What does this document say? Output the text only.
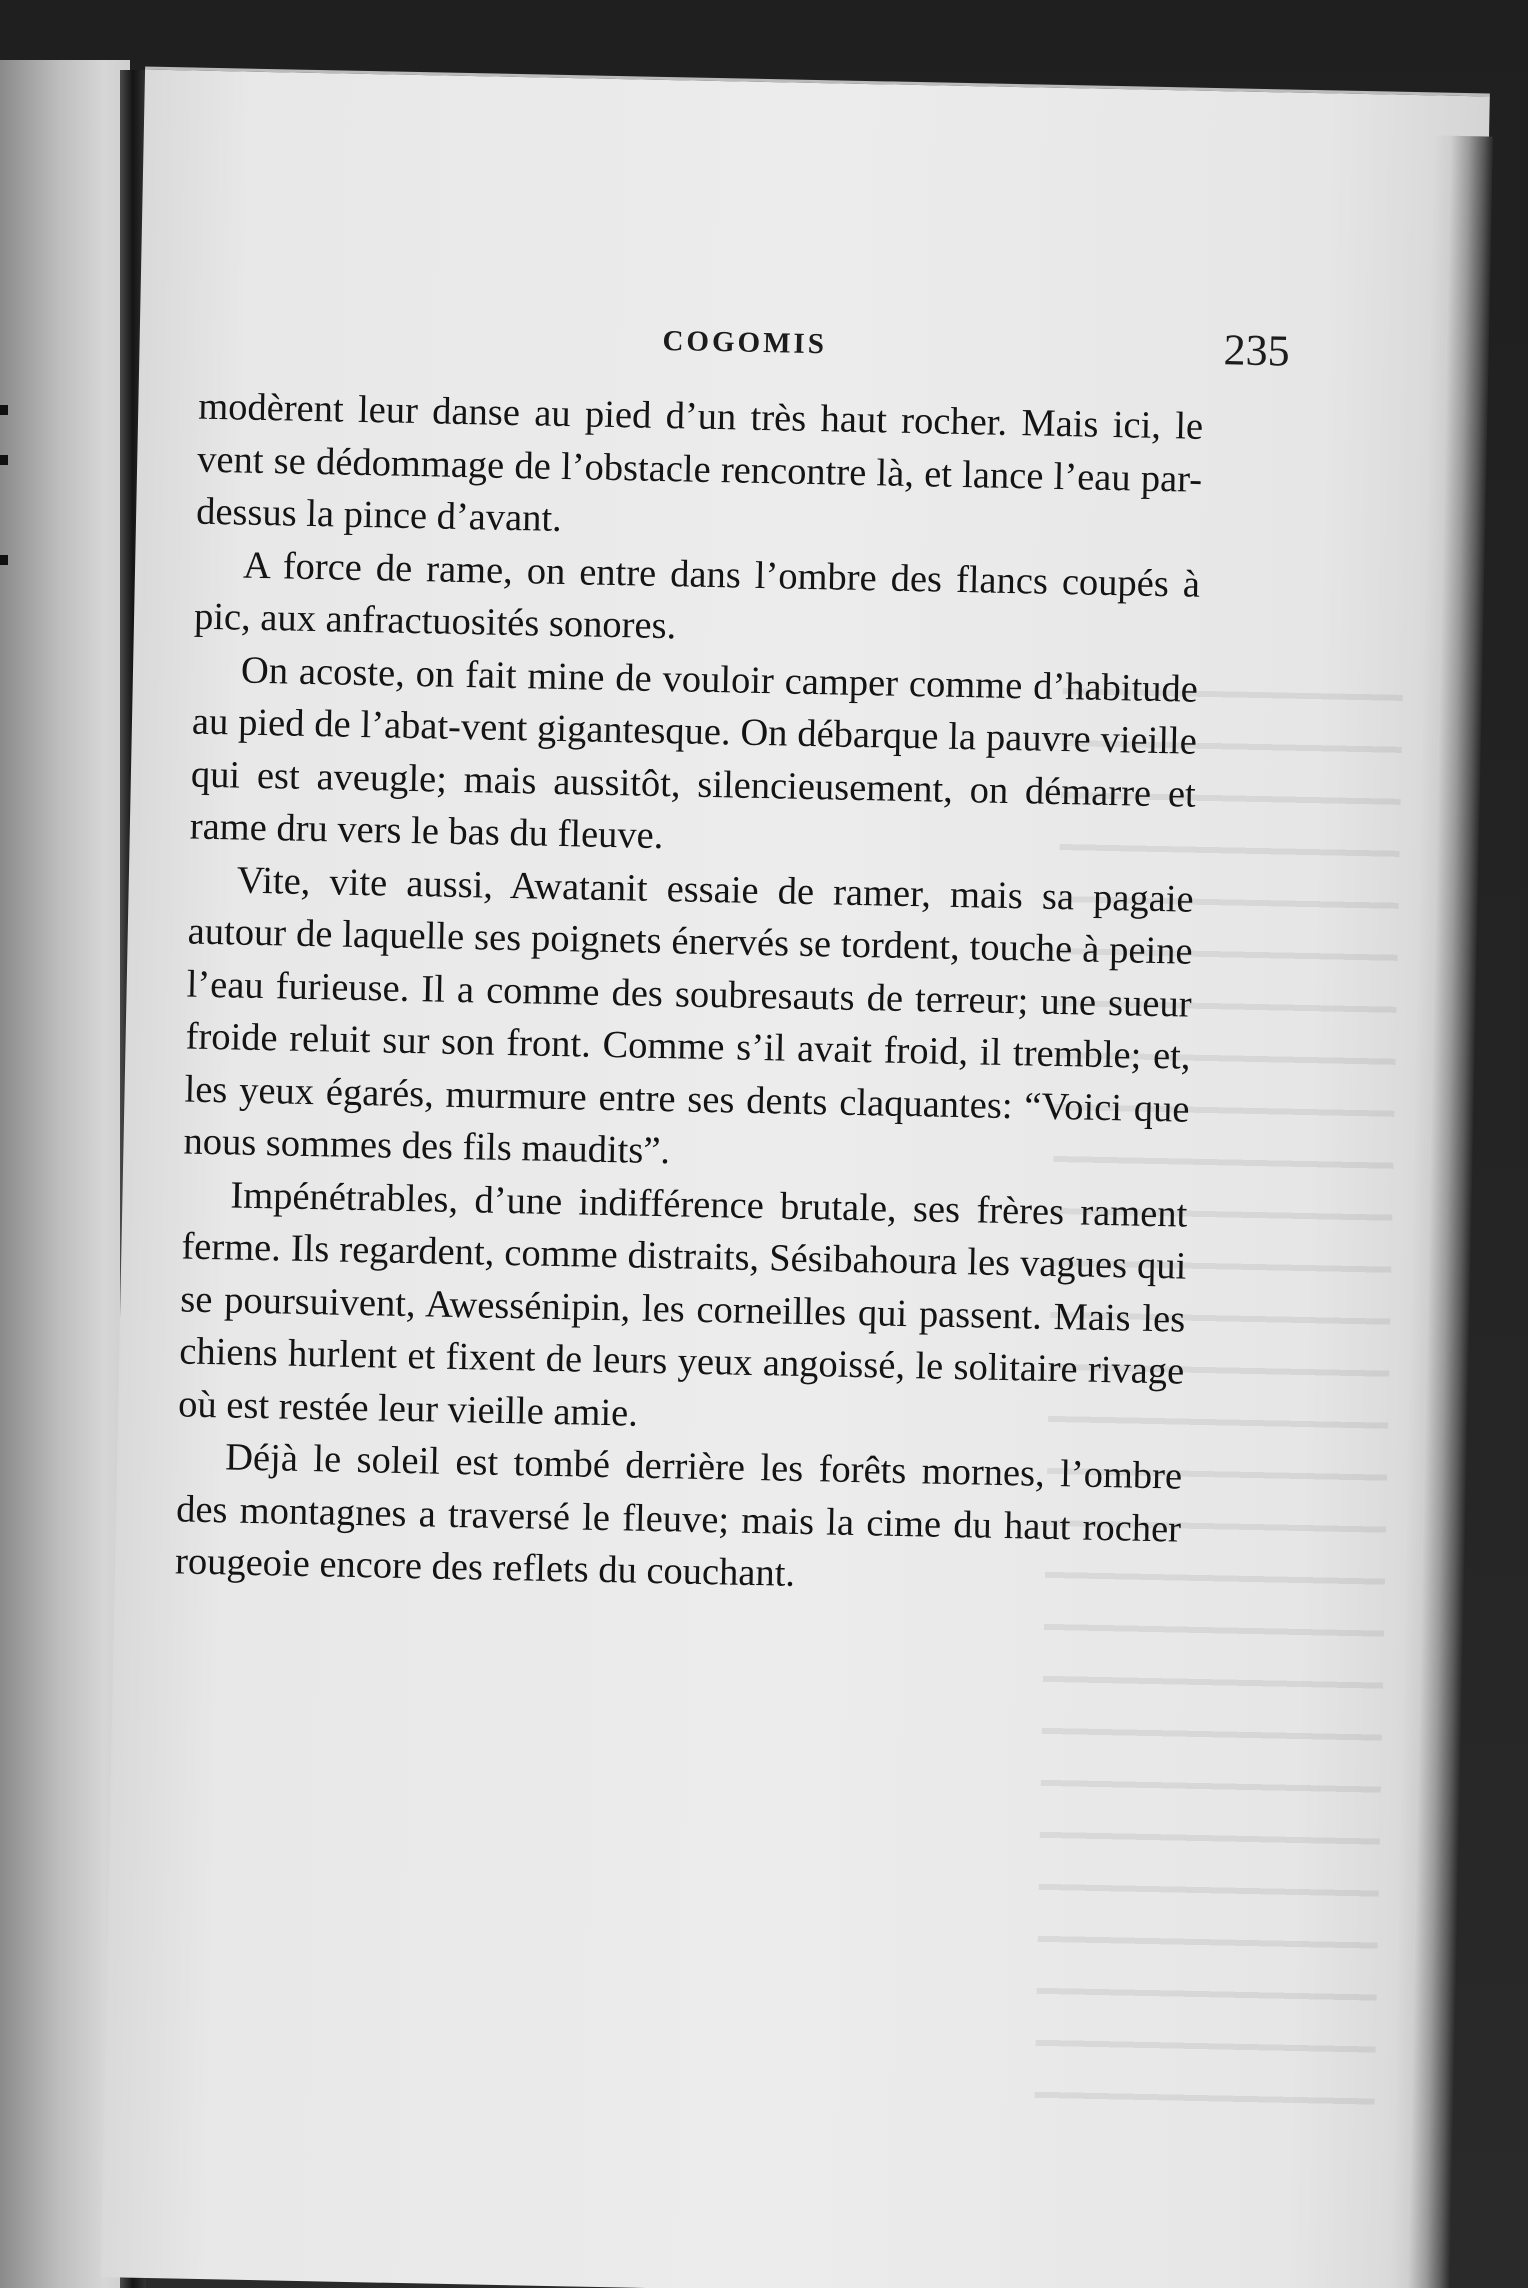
COGOMIS	235

modèrent leur danse au pied d’un très haut rocher. Mais ici, le vent se dédommage de l’obstacle rencontre là, et lance l’eau par-dessus la pince d’avant.

A force de rame, on entre dans l’ombre des flancs coupés à pic, aux anfractuosités sonores.

On acoste, on fait mine de vouloir camper comme d’habitude au pied de l’abat-vent gigantesque. On débarque la pauvre vieille qui est aveugle; mais aussitôt, silencieusement, on démarre et rame dru vers le bas du fleuve.

Vite, vite aussi, Awatanit essaie de ramer, mais sa pagaie autour de laquelle ses poignets énervés se tordent, touche à peine l’eau furieuse. Il a comme des soubresauts de terreur; une sueur froide reluit sur son front. Comme s’il avait froid, il tremble; et, les yeux égarés, murmure entre ses dents claquantes: “Voici que nous sommes des fils maudits”.

Impénétrables, d’une indifférence brutale, ses frères rament ferme. Ils regardent, comme distraits, Sésibahoura les vagues qui se poursuivent, Awessénipin, les corneilles qui passent. Mais les chiens hurlent et fixent de leurs yeux angoissé, le solitaire rivage où est restée leur vieille amie.

Déjà le soleil est tombé derrière les forêts mornes, l’ombre des montagnes a traversé le fleuve; mais la cime du haut rocher rougeoie encore des reflets du couchant.
